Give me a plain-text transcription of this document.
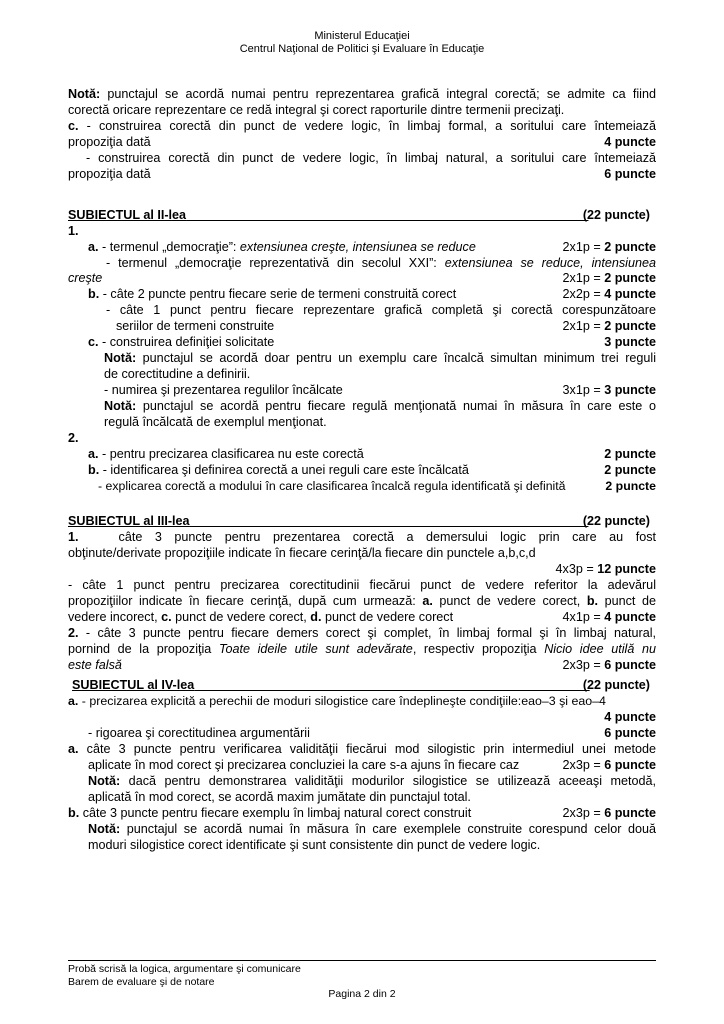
Ministerul Educaţiei
Centrul Naţional de Politici şi Evaluare în Educaţie
Notă: punctajul se acordă numai pentru reprezentarea grafică integral corectă; se admite ca fiind
corectă oricare reprezentare ce redă integral şi corect raporturile dintre termenii precizaţi.
c. - construirea corectă din punct de vedere logic, în limbaj formal, a soritului care întemeiază
propoziţia dată	4 puncte
- construirea corectă din punct de vedere logic, în limbaj natural, a soritului care întemeiază
propoziţia dată	6 puncte
SUBIECTUL al II-lea	(22 puncte)

1.
a. - termenul „democraţie”: extensiunea creşte, intensiunea se reduce	2x1p = 2 puncte
- termenul „democraţie reprezentativă din secolul XXI”: extensiunea se reduce, intensiunea
creşte	2x1p = 2 puncte
b. - câte 2 puncte pentru fiecare serie de termeni construită corect	2x2p = 4 puncte
- câte 1 punct pentru fiecare reprezentare grafică completă şi corectă corespunzătoare
seriilor de termeni construite	2x1p = 2 puncte
c. - construirea definiţiei solicitate	3 puncte
Notă: punctajul se acordă doar pentru un exemplu care încalcă simultan minimum trei reguli
de corectitudine a definirii.
- numirea şi prezentarea regulilor încălcate	3x1p = 3 puncte
Notă: punctajul se acordă pentru fiecare regulă menţionată numai în măsura în care este o
regulă încălcată de exemplul menţionat.
2.
a. - pentru precizarea clasificarea nu este corectă	2 puncte
b. - identificarea şi definirea corectă a unei reguli care este încălcată	2 puncte
- explicarea corectă a modului în care clasificarea încalcă regula identificată şi definită	2 puncte
SUBIECTUL al III-lea	(22 puncte)

1.	câte 3 puncte pentru prezentarea corectă a demersului logic prin care au fost
obţinute/derivate propoziţiile indicate în fiecare cerinţă/la fiecare din punctele a,b,c,d
4x3p = 12 puncte
- câte 1 punct pentru precizarea corectitudinii fiecărui punct de vedere referitor la adevărul
propoziţiilor indicate în fiecare cerinţă, după cum urmează: a. punct de vedere corect, b. punct de
vedere incorect, c. punct de vedere corect, d. punct de vedere corect	4x1p = 4 puncte
2. - câte 3 puncte pentru fiecare demers corect şi complet, în limbaj formal şi în limbaj natural,
pornind de la propoziţia Toate ideile utile sunt adevărate, respectiv propoziţia Nicio idee utilă nu
este falsă	2x3p = 6 puncte
SUBIECTUL al IV-lea	(22 puncte)

a. - precizarea explicită a perechii de moduri silogistice care îndeplineşte condiţiile:eao–3 şi eao–4
4 puncte
- rigoarea şi corectitudinea argumentării	6 puncte
a. câte 3 puncte pentru verificarea validităţii fiecărui mod silogistic prin intermediul unei metode
aplicate în mod corect şi precizarea concluziei la care s-a ajuns în fiecare caz	2x3p = 6 puncte
Notă: dacă pentru demonstrarea validităţii modurilor silogistice se utilizează aceeaşi metodă,
aplicată în mod corect, se acordă maxim jumătate din punctajul total.
b. câte 3 puncte pentru fiecare exemplu în limbaj natural corect construit	2x3p = 6 puncte
Notă: punctajul se acordă numai în măsura în care exemplele construite corespund celor două
moduri silogistice corect identificate şi sunt consistente din punct de vedere logic.
Probă scrisă la logica, argumentare şi comunicare
Barem de evaluare şi de notare
Pagina 2 din 2
